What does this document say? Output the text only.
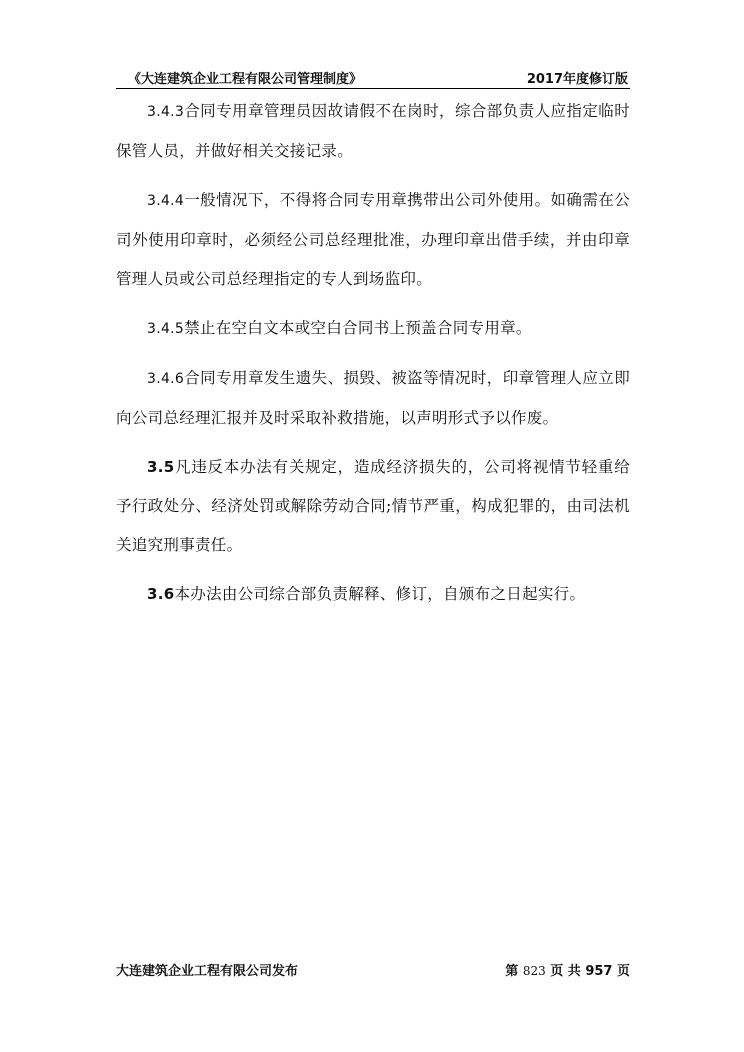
《大连建筑企业工程有限公司管理制度》	2017年度修订版

3.4.3合同专用章管理员因故请假不在岗时，综合部负责人应指定临时保管人员，并做好相关交接记录。

3.4.4一般情况下，不得将合同专用章携带出公司外使用。如确需在公司外使用印章时，必须经公司总经理批准，办理印章出借手续，并由印章管理人员或公司总经理指定的专人到场监印。

3.4.5禁止在空白文本或空白合同书上预盖合同专用章。

3.4.6合同专用章发生遗失、损毁、被盗等情况时，印章管理人应立即向公司总经理汇报并及时采取补救措施，以声明形式予以作废。

3.5凡违反本办法有关规定，造成经济损失的，公司将视情节轻重给予行政处分、经济处罚或解除劳动合同;情节严重，构成犯罪的，由司法机关追究刑事责任。

3.6本办法由公司综合部负责解释、修订，自颁布之日起实行。

大连建筑企业工程有限公司发布	第 823 页 共 957 页
